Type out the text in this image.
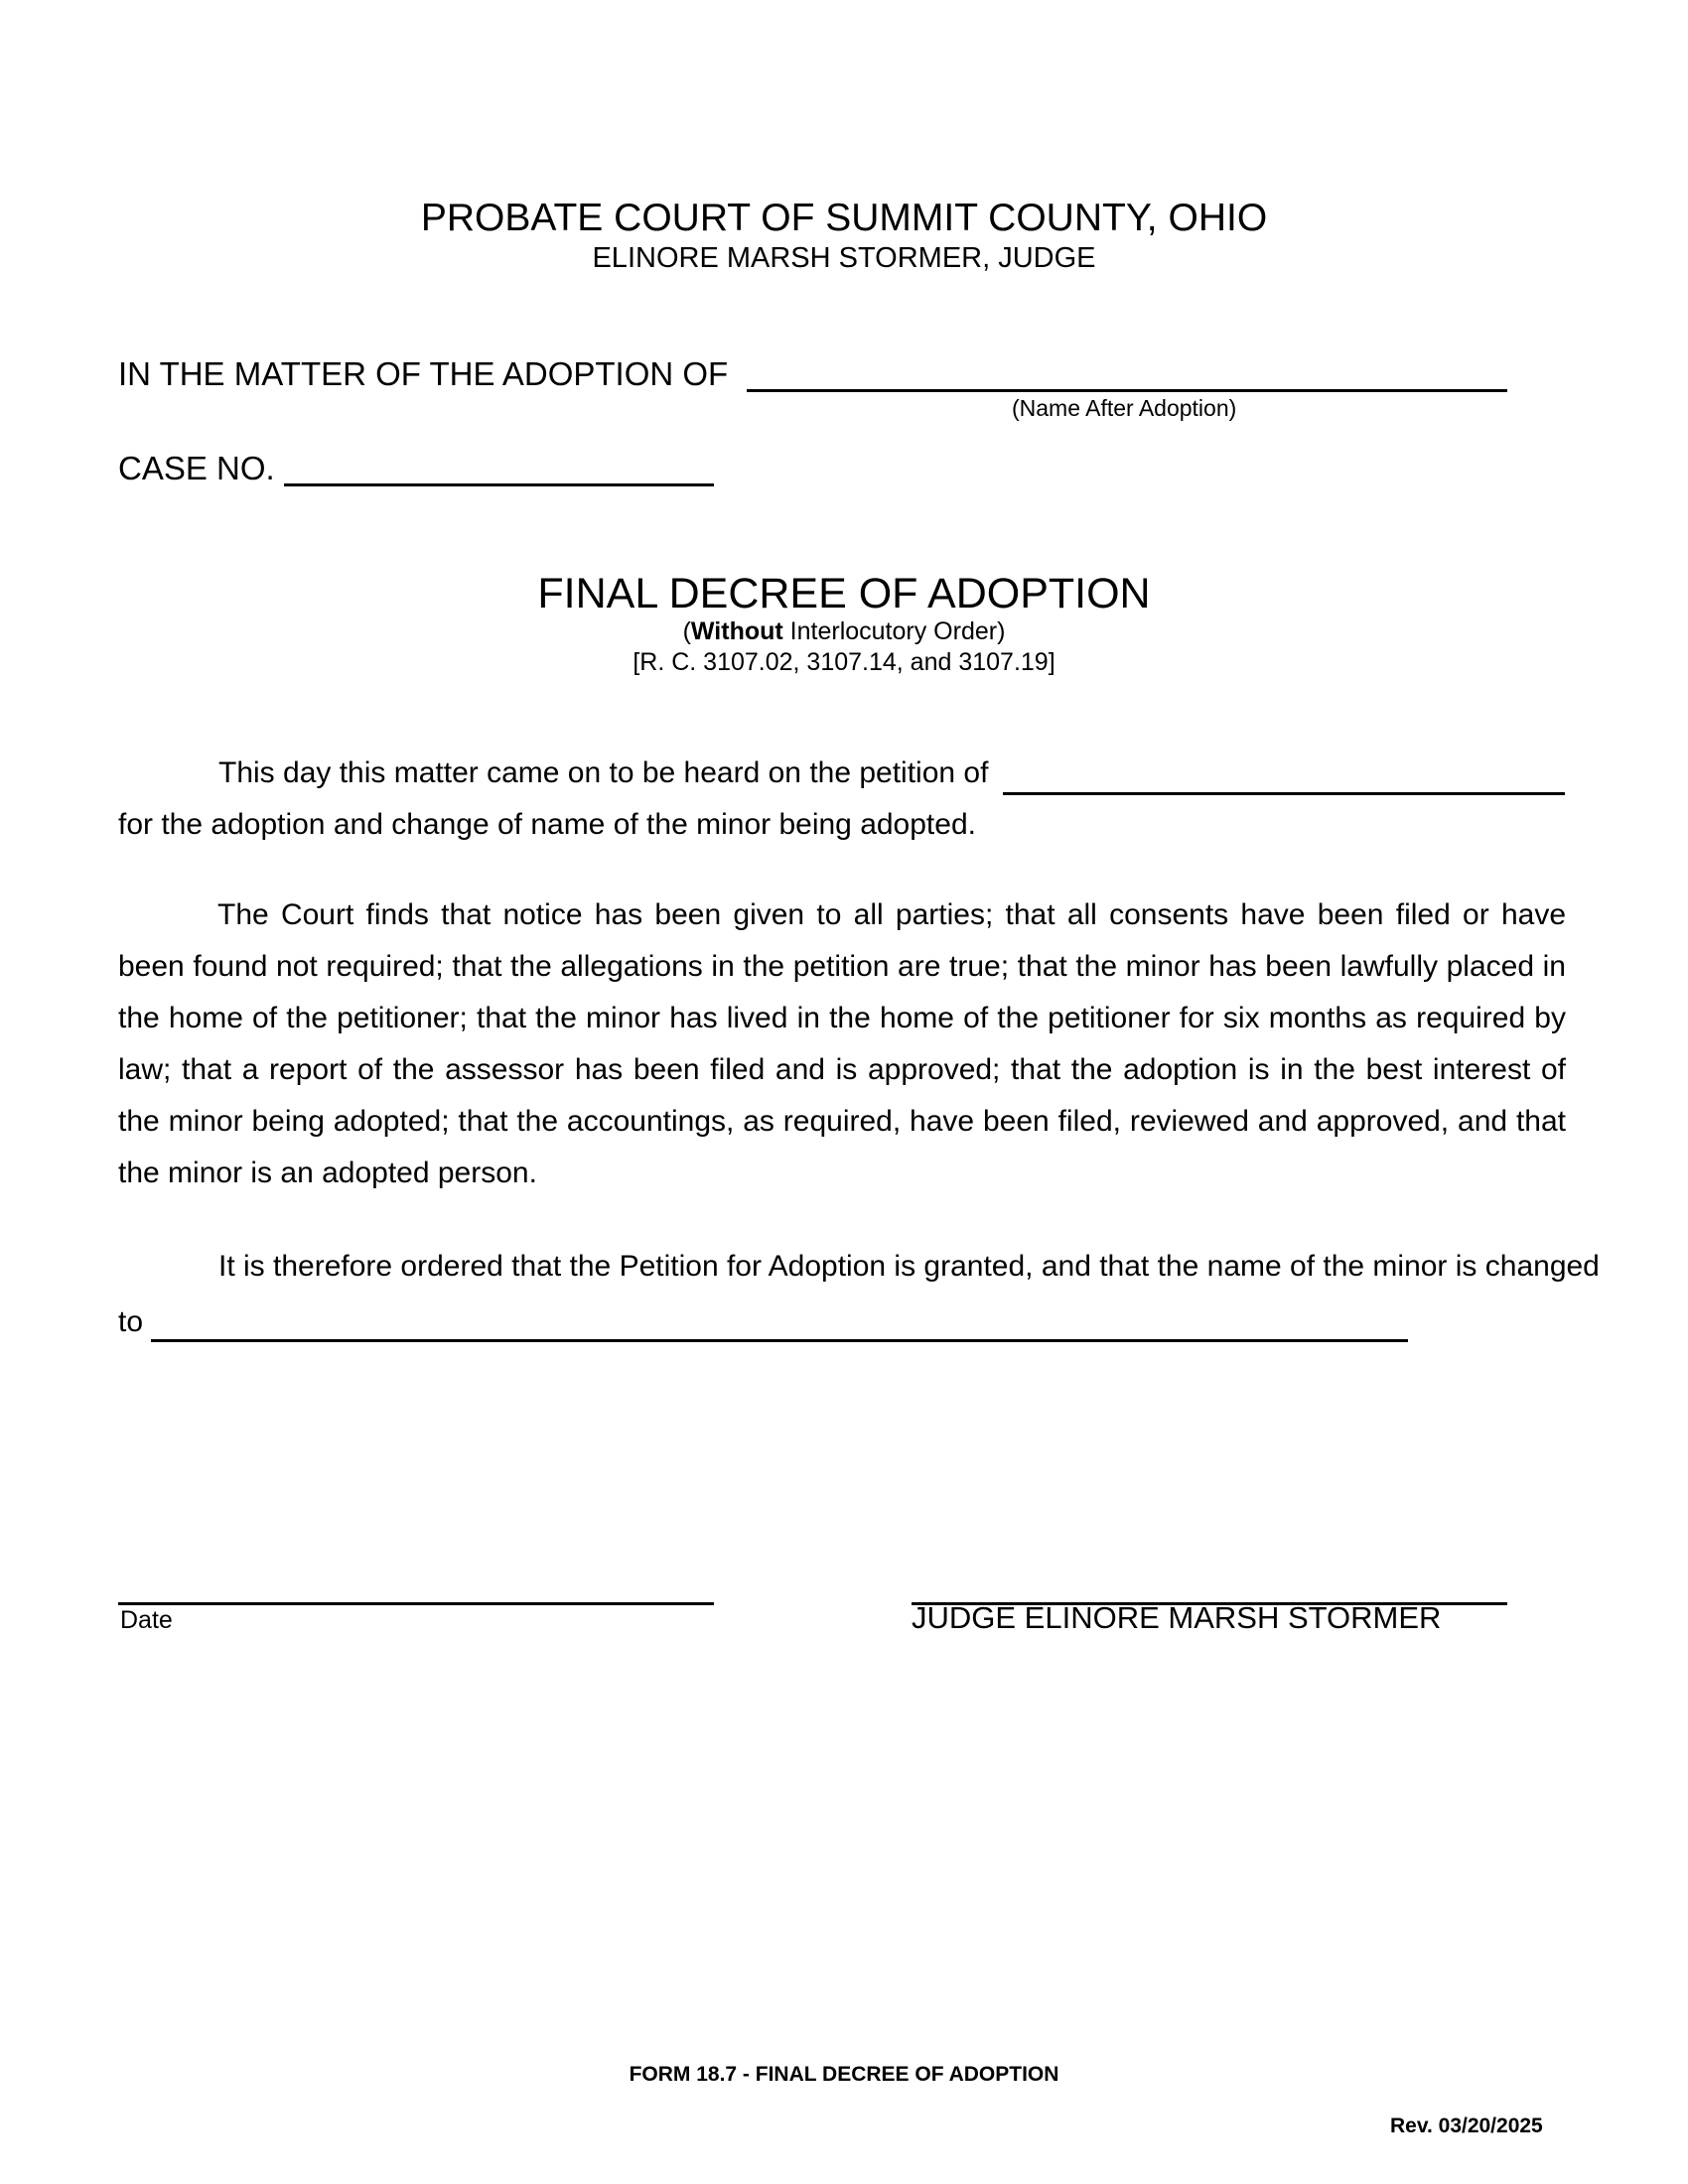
PROBATE COURT OF SUMMIT COUNTY, OHIO
ELINORE MARSH STORMER, JUDGE
IN THE MATTER OF THE ADOPTION OF
(Name After Adoption)
CASE NO.
FINAL DECREE OF ADOPTION
(Without Interlocutory Order)
[R. C. 3107.02, 3107.14, and 3107.19]
This day this matter came on to be heard on the petition of
for the adoption and change of name of the minor being adopted.
The Court finds that notice has been given to all parties; that all consents have been filed or have been found not required; that the allegations in the petition are true; that the minor has been lawfully placed in the home of the petitioner; that the minor has lived in the home of the petitioner for six months as required by law; that a report of the assessor has been filed and is approved; that the adoption is in the best interest of the minor being adopted; that the accountings, as required, have been filed, reviewed and approved, and that the minor is an adopted person.
It is therefore ordered that the Petition for Adoption is granted, and that the name of the minor is changed
to
Date	JUDGE ELINORE MARSH STORMER
FORM 18.7 - FINAL DECREE OF ADOPTION
Rev. 03/20/2025
